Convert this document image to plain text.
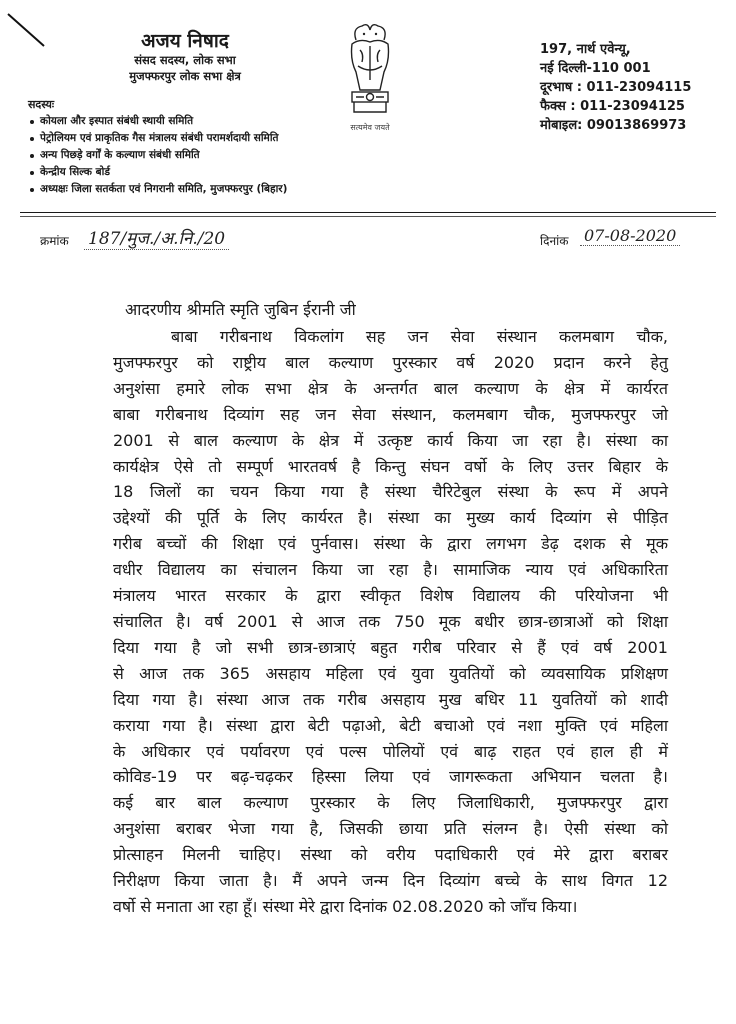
अजय निषाद
संसद सदस्य, लोक सभा
मुजफ्फरपुर लोक सभा क्षेत्र
सत्यमेव जयते
197, नार्थ एवेन्यू,
नई दिल्ली-110 001
दूरभाष : 011-23094115
फैक्स : 011-23094125
मोबाइल: 09013869973
सदस्यः
कोयला और इस्पात संबंधी स्थायी समिति
पेट्रोलियम एवं प्राकृतिक गैस मंत्रालय संबंधी परामर्शदायी समिति
अन्य पिछड़े वर्गों के कल्याण संबंधी समिति
केन्द्रीय सिल्क बोर्ड
अध्यक्षः जिला सतर्कता एवं निगरानी समिति, मुजफ्फरपुर (बिहार)
क्रमांक 187/मुज./अ.नि./20	दिनांक 07-08-2020
आदरणीय श्रीमति स्मृति जुबिन ईरानी जी

बाबा गरीबनाथ विकलांग सह जन सेवा संस्थान कलमबाग चौक,

मुजफ्फरपुर को राष्ट्रीय बाल कल्याण पुरस्कार वर्ष 2020 प्रदान करने हेतु

अनुशंसा हमारे लोक सभा क्षेत्र के अन्तर्गत बाल कल्याण के क्षेत्र में कार्यरत

बाबा गरीबनाथ दिव्यांग सह जन सेवा संस्थान, कलमबाग चौक, मुजफ्फरपुर जो

2001 से बाल कल्याण के क्षेत्र में उत्कृष्ट कार्य किया जा रहा है। संस्था का

कार्यक्षेत्र ऐसे तो सम्पूर्ण भारतवर्ष है किन्तु संघन वर्षो के लिए उत्तर बिहार के

18 जिलों का चयन किया गया है संस्था चैरिटेबुल संस्था के रूप में अपने

उद्देश्यों की पूर्ति के लिए कार्यरत है। संस्था का मुख्य कार्य दिव्यांग से पीड़ित

गरीब बच्चों की शिक्षा एवं पुर्नवास। संस्था के द्वारा लगभग डेढ़ दशक से मूक

वधीर विद्यालय का संचालन किया जा रहा है। सामाजिक न्याय एवं अधिकारिता

मंत्रालय भारत सरकार के द्वारा स्वीकृत विशेष विद्यालय की परियोजना भी

संचालित है। वर्ष 2001 से आज तक 750 मूक बधीर छात्र-छात्राओं को शिक्षा

दिया गया है जो सभी छात्र-छात्राएं बहुत गरीब परिवार से हैं एवं वर्ष 2001

से आज तक 365 असहाय महिला एवं युवा युवतियों को व्यवसायिक प्रशिक्षण

दिया गया है। संस्था आज तक गरीब असहाय मुख बधिर 11 युवतियों को शादी

कराया गया है। संस्था द्वारा बेटी पढ़ाओ, बेटी बचाओ एवं नशा मुक्ति एवं महिला

के अधिकार एवं पर्यावरण एवं पल्स पोलियों एवं बाढ़ राहत एवं हाल ही में

कोविड-19 पर बढ़-चढ़कर हिस्सा लिया एवं जागरूकता अभियान चलता है।

कई बार बाल कल्याण पुरस्कार के लिए जिलाधिकारी, मुजफ्फरपुर द्वारा

अनुशंसा बराबर भेजा गया है, जिसकी छाया प्रति संलग्न है। ऐसी संस्था को

प्रोत्साहन मिलनी चाहिए। संस्था को वरीय पदाधिकारी एवं मेरे द्वारा बराबर

निरीक्षण किया जाता है। मैं अपने जन्म दिन दिव्यांग बच्चे के साथ विगत 12

वर्षो से मनाता आ रहा हूँ। संस्था मेरे द्वारा दिनांक 02.08.2020 को जाँच किया।
